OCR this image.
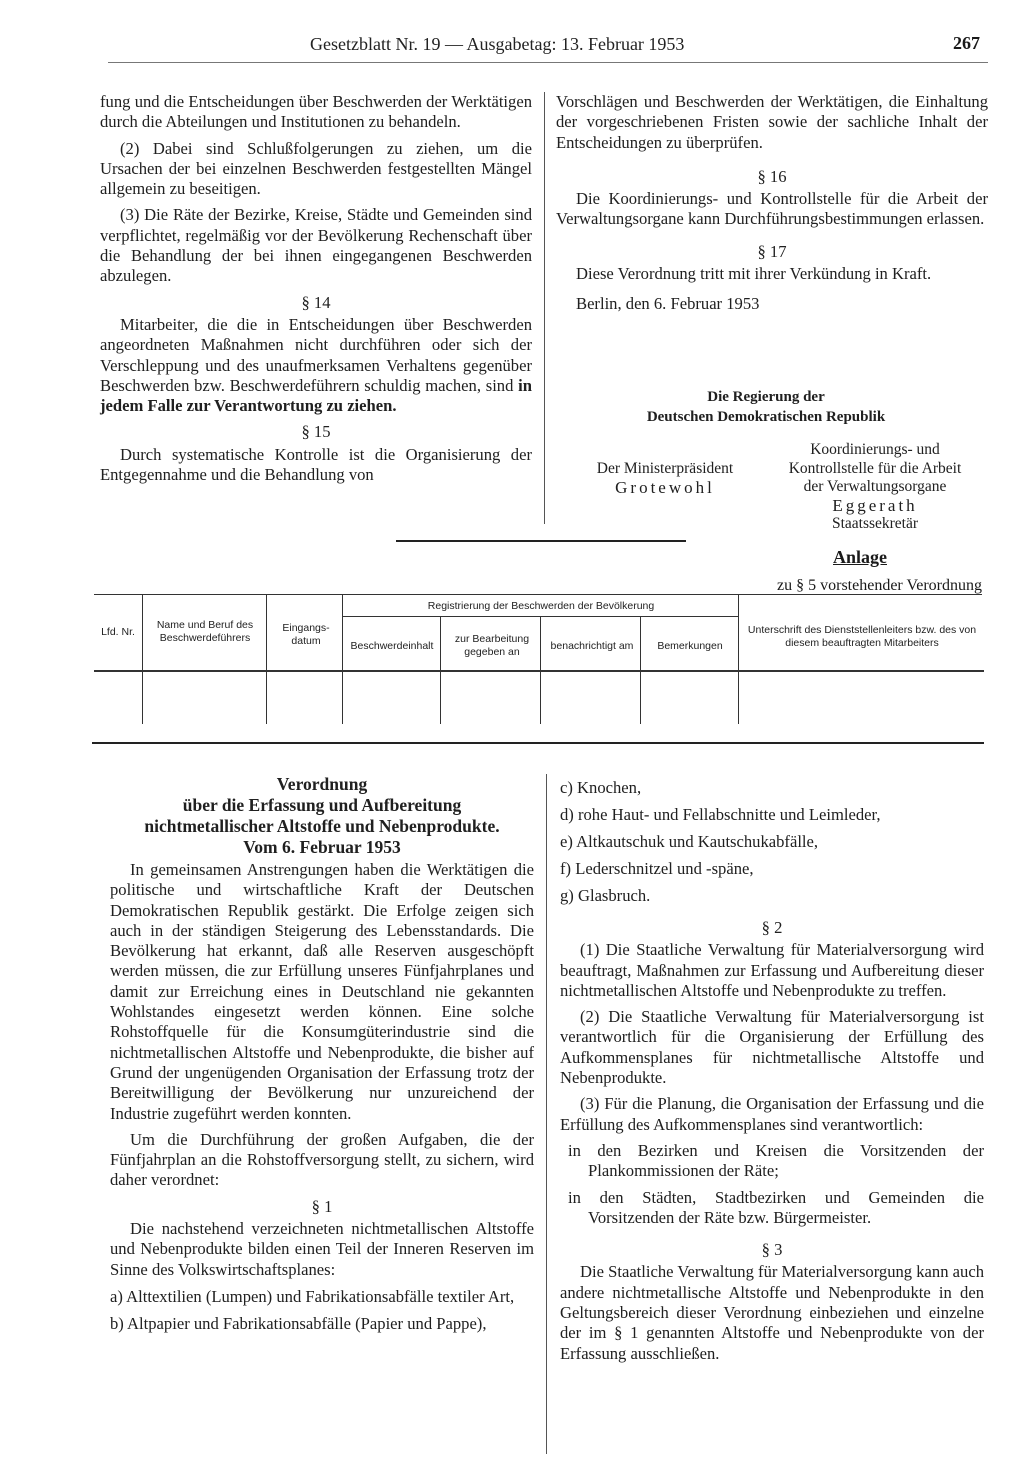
Gesetzblatt Nr. 19 — Ausgabetag: 13. Februar 1953	267

fung und die Entscheidungen über Beschwerden der Werktätigen durch die Abteilungen und Institutionen zu behandeln.

(2) Dabei sind Schlußfolgerungen zu ziehen, um die Ursachen der bei einzelnen Beschwerden festgestellten Mängel allgemein zu beseitigen.

(3) Die Räte der Bezirke, Kreise, Städte und Gemeinden sind verpflichtet, regelmäßig vor der Bevölkerung Rechenschaft über die Behandlung der bei ihnen eingegangenen Beschwerden abzulegen.

§ 14

Mitarbeiter, die die in Entscheidungen über Beschwerden angeordneten Maßnahmen nicht durchführen oder sich der Verschleppung und des unaufmerksamen Verhaltens gegenüber Beschwerden bzw. Beschwerdeführern schuldig machen, sind in jedem Falle zur Verantwortung zu ziehen.

§ 15

Durch systematische Kontrolle ist die Organisierung der Entgegennahme und die Behandlung von

Vorschlägen und Beschwerden der Werktätigen, die Einhaltung der vorgeschriebenen Fristen sowie der sachliche Inhalt der Entscheidungen zu überprüfen.

§ 16

Die Koordinierungs- und Kontrollstelle für die Arbeit der Verwaltungsorgane kann Durchführungsbestimmungen erlassen.

§ 17

Diese Verordnung tritt mit ihrer Verkündung in Kraft.

Berlin, den 6. Februar 1953

Die Regierung der
Deutschen Demokratischen Republik
Der Ministerpräsident
Grotewohl
Koordinierungs- und
Kontrollstelle für die Arbeit
der Verwaltungsorgane
Eggerath
Staatssekretär
Anlage
zu § 5 vorstehender Verordnung
Lfd. Nr.
Name und Beruf des Beschwerdeführers
Eingangs- datum
Registrierung der Beschwerden der Bevölkerung
Beschwerdeinhalt
zur Bearbeitung gegeben an
benachrichtigt am	Bemerkungen
Unterschrift des Dienststellenleiters bzw. des von diesem beauftragten Mitarbeiters
Verordnung
über die Erfassung und Aufbereitung
nichtmetallischer Altstoffe und Nebenprodukte.
Vom 6. Februar 1953

In gemeinsamen Anstrengungen haben die Werktätigen die politische und wirtschaftliche Kraft der Deutschen Demokratischen Republik gestärkt. Die Erfolge zeigen sich auch in der ständigen Steigerung des Lebensstandards. Die Bevölkerung hat erkannt, daß alle Reserven ausgeschöpft werden müssen, die zur Erfüllung unseres Fünfjahrplanes und damit zur Erreichung eines in Deutschland nie gekannten Wohlstandes eingesetzt werden können. Eine solche Rohstoffquelle für die Konsumgüterindustrie sind die nichtmetallischen Altstoffe und Nebenprodukte, die bisher auf Grund der ungenügenden Organisation der Erfassung trotz der Bereitwilligung der Bevölkerung nur unzureichend der Industrie zugeführt werden konnten.

Um die Durchführung der großen Aufgaben, die der Fünfjahrplan an die Rohstoffversorgung stellt, zu sichern, wird daher verordnet:

§ 1

Die nachstehend verzeichneten nichtmetallischen Altstoffe und Nebenprodukte bilden einen Teil der Inneren Reserven im Sinne des Volkswirtschaftsplanes:

a) Alttextilien (Lumpen) und Fabrikationsabfälle textiler Art,
b) Altpapier und Fabrikationsabfälle (Papier und Pappe),
c) Knochen,
d) rohe Haut- und Fellabschnitte und Leimleder,
e) Altkautschuk und Kautschukabfälle,
f) Lederschnitzel und -späne,
g) Glasbruch.
§ 2

(1) Die Staatliche Verwaltung für Materialversorgung wird beauftragt, Maßnahmen zur Erfassung und Aufbereitung dieser nichtmetallischen Altstoffe und Nebenprodukte zu treffen.

(2) Die Staatliche Verwaltung für Materialversorgung ist verantwortlich für die Organisierung der Erfüllung des Aufkommensplanes für nichtmetallische Altstoffe und Nebenprodukte.

(3) Für die Planung, die Organisation der Erfassung und die Erfüllung des Aufkommensplanes sind verantwortlich:

in den Bezirken und Kreisen die Vorsitzenden der Plankommissionen der Räte;

in den Städten, Stadtbezirken und Gemeinden die Vorsitzenden der Räte bzw. Bürgermeister.

§ 3

Die Staatliche Verwaltung für Materialversorgung kann auch andere nichtmetallische Altstoffe und Nebenprodukte in den Geltungsbereich dieser Verordnung einbeziehen und einzelne der im § 1 genannten Altstoffe und Nebenprodukte von der Erfassung ausschließen.
